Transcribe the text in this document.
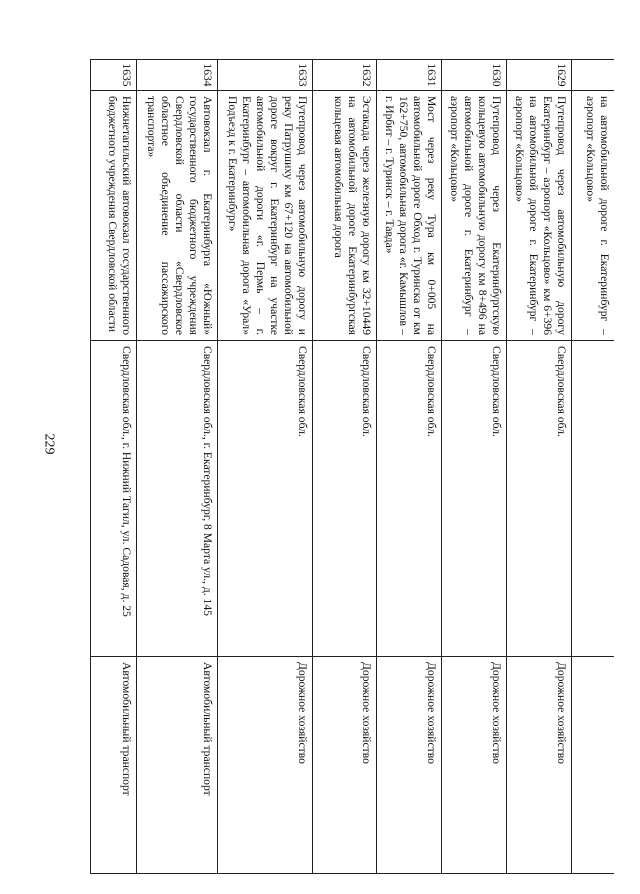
229
	на автомобильной дороге г. Екатеринбург – аэропорт «Кольцово»		
1629	Путепровод через автомобильную дорогу Екатеринбург – аэропорт «Кольцово» км 6+396 на автомобильной дороге г. Екатеринбург – аэропорт «Кольцово»	Свердловская обл.	Дорожное хозяйство
1630	Путепровод через Екатеринбургскую кольцевую автомобильную дорогу км 8+496 на автомобильной дороге г. Екатеринбург – аэропорт «Кольцово»	Свердловская обл.	Дорожное хозяйство
1631	Мост через реку Тура км 0+005 на автомобильной дороге Обход г. Туринска от км 162+750, автомобильная дорога «г. Камышлов – г. Ирбит – г. Туринск – г. Тавда»	Свердловская обл.	Дорожное хозяйство
1632	Эстакада через железную дорогу км 32+10449 на автомобильной дороге Екатеринбургская кольцевая автомобильная дорога	Свердловская обл.	Дорожное хозяйство
1633	Путепровод через автомобильную дорогу и реку Патрушиху км 67+120 на автомобильной дороге вокруг г. Екатеринбург на участке автомобильной дороги «г. Пермь – г. Екатеринбург – автомобильная дорога «Урал» Подъезд к г. Екатеринбург»	Свердловская обл.	Дорожное хозяйство
1634	Автовокзал г. Екатеринбурга «Южный» государственного бюджетного учреждения Свердловской области «Свердловское областное объединение пассажирского транспорта»	Свердловская обл., г. Екатеринбург, 8 Марта ул., д. 145	Автомобильный транспорт
1635	Нижнетагильский автовокзал государственного бюджетного учреждения Свердловской области	Свердловская обл., г. Нижний Тагил, ул. Садовая, д. 25	Автомобильный транспорт
